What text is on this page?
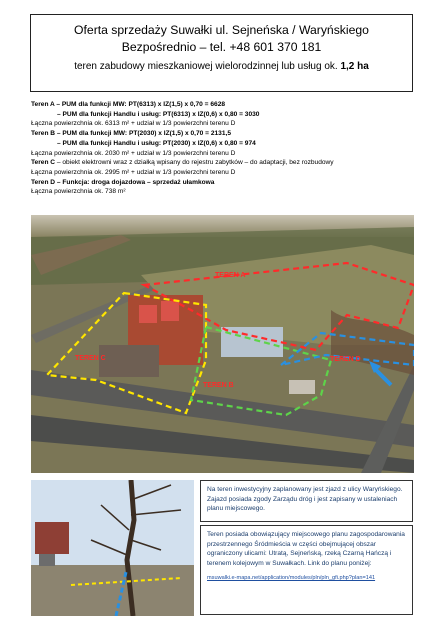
Oferta sprzedaży Suwałki ul. Sejneńska / Waryńskiego
Bezpośrednio – tel. +48 601 370 181
teren zabudowy mieszkaniowej wielorodzinnej lub usług ok. 1,2 ha
Teren A – PUM dla funkcji MW: PT(6313) x IZ(1,5) x 0,70 = 6628
– PUM dla funkcji Handlu i usług: PT(6313) x IZ(0,6) x 0,80 = 3030
Łączna powierzchnia ok. 6313 m² + udział w 1/3 powierzchni terenu D
Teren B – PUM dla funkcji MW: PT(2030) x IZ(1,5) x 0,70 = 2131,5
– PUM dla funkcji Handlu i usług: PT(2030) x IZ(0,6) x 0,80 = 974
Łączna powierzchnia ok. 2030 m² + udział w 1/3 powierzchni terenu D
Teren C – obiekt elektrowni wraz z działką wpisany do rejestru zabytków – do adaptacji, bez rozbudowy
Łączna powierzchnia ok. 2995 m² + udział w 1/3 powierzchni terenu D
Teren D – Funkcja: droga dojazdowa – sprzedaż ułamkowa
Łączna powierzchnia ok. 738 m²
TEREN A
TEREN C
TEREN B
TEREN D
Na teren inwestycyjny zaplanowany jest zjazd z ulicy Waryńskiego. Zajazd posiada zgody Zarządu dróg i jest zapisany w ustaleniach planu miejscowego.
Teren posiada obowiązujący miejscowego planu zagospodarowania przestrzennego Śródmieścia w części obejmującej obszar ograniczony ulicami: Utratą, Sejneńską, rzeką Czarną Hańczą i terenem kolejowym w Suwałkach. Link do planu poniżej:
msuwalki.e-mapa.net/application/modules/pln/pln_gfi.php?plan=141
